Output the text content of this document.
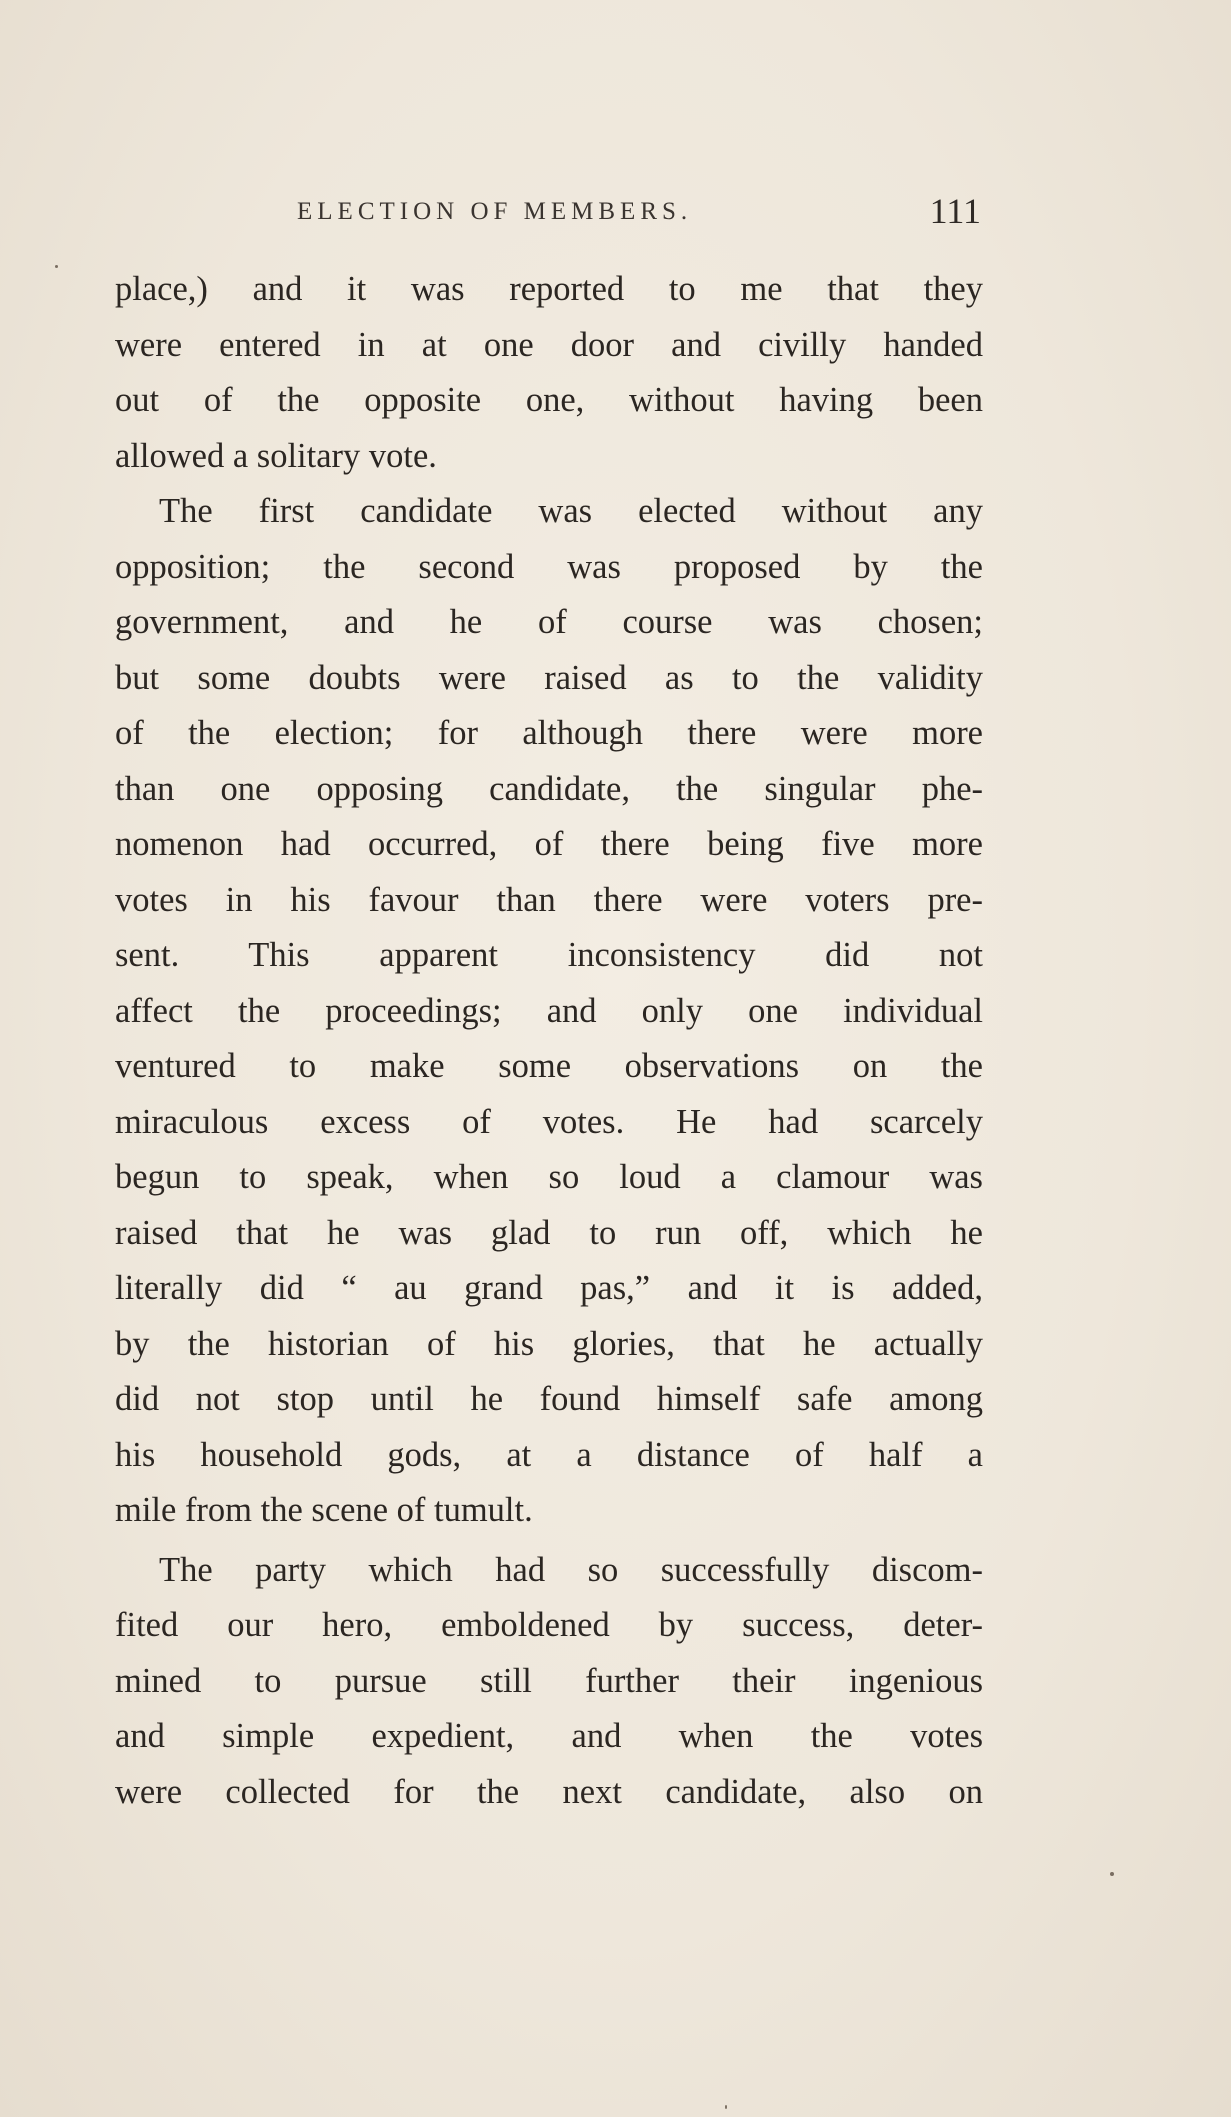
ELECTION OF MEMBERS.	111
place,) and it was reported to me that they
were entered in at one door and civilly handed
out of the opposite one, without having been
allowed a solitary vote.
The first candidate was elected without any
opposition; the second was proposed by the
government, and he of course was chosen;
but some doubts were raised as to the validity
of the election; for although there were more
than one opposing candidate, the singular phe-
nomenon had occurred, of there being five more
votes in his favour than there were voters pre-
sent. This apparent inconsistency did not
affect the proceedings; and only one individual
ventured to make some observations on the
miraculous excess of votes. He had scarcely
begun to speak, when so loud a clamour was
raised that he was glad to run off, which he
literally did “ au grand pas,” and it is added,
by the historian of his glories, that he actually
did not stop until he found himself safe among
his household gods, at a distance of half a
mile from the scene of tumult.
The party which had so successfully discom-
fited our hero, emboldened by success, deter-
mined to pursue still further their ingenious
and simple expedient, and when the votes
were collected for the next candidate, also on
